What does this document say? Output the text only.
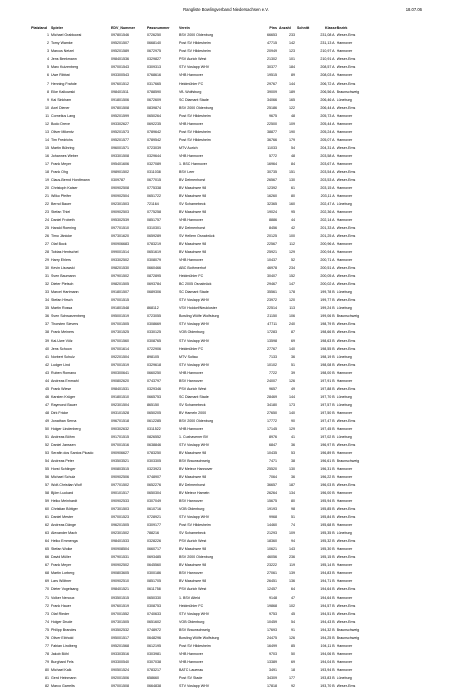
Rangliste Bowlingverband Niedersachsen e.V.	18.07.06
Platzland	Spieler	EDV_Nummer	Passnummer	Verein	Pins	Anzahl	Schnitt	Klasse	Bezirk
1	Michael Grabkowsi	097801546	0726250	BSV 2000 Oldenburg	66653	233	231,08 A		Weser-Ems
2	Tomy Wamke	095201507	0668140	Post SV Hildesheim	47715	142	231,13 A		Hannover
3	Marcus Netzel	095201589	0672975	Post SV Hildesheim	20949	123	210,97 A		Hannover
4	Jens Beekmann	098401536	0329827	PSV Aurich West	21302	101	210,91 A		Weser-Ems
5	Marc Kuizenberg	097001543	0309313	STV Voslapp WHV	30377	184	208,57 A		Weser-Ems
6	Uwe Ribbat	093300543	0768616	VHB Hannover	19515	89	208,03 A		Hannover
7	Henning Frahde	097601512	0317665	Heidmühler FC	29767	144	206,72 A		Weser-Ems
8	Eike Kalkowski	098401511	0788590	VfL Wolfsburg	39009	189	206,56 A		Braunschweig
9	Kai Sinkham	091801506	0672609	SC Diamant Stade	34066	165	206,46 A		Lüneburg
10	Axel Diener	097801508	0839874	BSV 2000 Oldenburg	25186	122	206,44 A		Weser-Ems
11	Cornelius Lang	095201599	0650264	Post SV Hildesheim	9675	48	205,73 A		Hannover
12	Bodo Dreve	093302627	0692235	VHB Hannover	22500	109	205,44 A		Hannover
13	Oliver Mikentz	095201573	0789642	Post SV Hildesheim	38877	190	205,24 A		Hannover
14	Tim Fredrichs	095201577	0789542	Post SV Hildesheim	36766	179	205,07 A		Hannover
15	Martin Bühring	096001571	0723039	MTV Aurich	11033	54	204,31 A		Weser-Ems
16	Johannes Weber	093301508	0329644	VHB Hannover	5772	48	203,58 A		Hannover
17	Frank Meyer	095401606	0327089	1. BSC Hannover	16964	84	203,67 A		Hannover
18	Frank Ohg	098901502	0311038	BSV Leer	30735	151	203,54 A		Weser-Ems
19	Claus-Bernd Hordtmann	0309787	0677015	BV Delmenhorst	26567	130	203,53 A		Weser-Ems
20	Christoph Kaiser	090902508	0775338	BV Maschsee 98	12392	61	203,15 A		Hannover
21	Wilko Pfeifer	090902504	0651722	BV Maschsee 98	16260	80	203,11 A		Hannover
22	Bernd Bauer	092301503	721164	SV Schamebeck	32365	160	202,47 A		Lüneburg
23	Stefan Thiel	090902503	0775258	BV Maschsee 98	19024	95	202,36 A		Hannover
24	Daniel Frobeth	095302539	0851757	VHB Hannover	8886	44	202,14 A		Hannover
25	Harald Roening	097701510	0310301	BV Delmenhorst	8456	42	201,33 A		Weser-Ems
26	Timo Jänicke	097301620	0659289	SV Hellern Osnabrück	20125	100	201,25 A		Weser-Ems
27	Olaf Bock	090906683	0783219	BV Maschsee 98	22567	112	200,96 A		Hannover
28	Tobias Hentschel	099001514	0651619	BV Maschsee 98	25921	129	200,94 A		Hannover
29	Harry Ehlers	093302502	0308079	VHB Hannover	10437	52	200,71 A		Hannover
30	Kevin Lisowski	098201530	0660466	ABC Bothmerhof	46978	234	200,51 A		Weser-Ems
31	Sven Baumann	097901502	0872895	Heidmühler FC	30407	152	200,05 A		Weser-Ems
32	Dieter Pietsch	098201505	0693784	BC 2005 Osnabrück	29467	147	200,02 A		Weser-Ems
33	Marcel Hartmann	091801507	0689306	SC Diamant Stade	35561	178	199,78 B		Lüneburg
34	Stefan Hirsch	097001515		STV Voslapp WHV	23972	120	199,77 B		Weser-Ems
35	Martin Rossa	091801548	868112	VSV Holdorf/Neukloster	22514	113	199,24 B		Lüneburg
36	Sven Schwarzenberg	095001519	0723055	Bowling Wölfe Wolfsburg	21150	106	199,06 B		Braunschweig
37	Thorsten Sievers	097001505	0308669	STV Voslapp WHV	47711	240	198,79 B		Weser-Ems
38	Frank Meiners	097301525	0330125	VOB Oldenburg	17283	87	198,66 B		Weser-Ems
39	Kai-Uwe Völz	097001560	0308765	STV Voslapp WHV	13598	69	198,63 B		Weser-Ems
40	Jens Schoon	097001614	0722906	Heidmühler FC	27767	140	198,55 B		Weser-Ems
41	Norbert Schulz	092201504	898105	MTV Soltau	7133	36	198,19 B		Lüneburg
42	Ludger Lind	097001519	0329618	STV Voslapp WHV	10102	51	198,08 B		Weser-Ems
43	Ruben Romano	090300641	0660250	VHB Hannover	7722	39	198,00 B		Hannover
44	Andreas Emmahl	090802620	0743797	BSV Hannover	24007	126	197,91 B		Hannover
45	Frank Wiese	098401531	0329346	PSV Aurich West	9657	49	197,88 B		Weser-Ems
46	Karsten Krüger	091801510	0665753	SC Diamant Stade	28469	144	197,70 B		Lüneburg
47	Raymond Bauer	092301504	865150	SV Schamebeck	34180	173	197,57 B		Lüneburg
48	Dirk Fricke	093101528	0650205	BV Hameln 2000	27650	140	197,50 B		Hannover
49	Jonathan Serna	096701518	0612285	BSV 2000 Oldenburg	17772	90	197,47 B		Weser-Ems
50	Holger Lindenberg	090302632	0311522	VHB Hannover	17145	129	197,45 B		Hannover
51	Andreas Böhm	091701515	0826552	1. Cuxhavener BV	8976	41	197,02 B		Lüneburg
52	Daniel Janssen	097001516	0638846	STV Voslapp WHV	6847	36	196,97 B		Weser-Ems
53	Serafin dos Santos Picado	090906627	0783250	BV Maschsee 98	10435	53	196,89 B		Hannover
54	Andreas Peter	093503521	0303305	BSV Braunschweig	7471	38	196,61 B		Braunschweig
55	Horst Schlinger	090803515	0323923	BV Meteor Hannover	25520	130	196,31 B		Hannover
56	Michael Schulz	090902506	0748907	BV Maschsee 98	7064	36	196,22 B		Hannover
57	Wolf-Christian Wolf	097701502	0652276	BV Delmenhorst	36657	187	196,03 B		Weser-Ems
58	Björn Luckard	090101517	0650304	BV Meteor Hameln	26264	134	196,00 B		Hannover
59	Heiko Meinhardt	090902533	0307049	BSV Hannover	15675	80	195,94 B		Hannover
60	Christian Böttger	097301503	0610716	VOB Oldenburg	19193	98	195,85 B		Weser-Ems
61	Daniel Mester	097001523	0728921	STV Voslapp WHV	9968	51	195,84 B		Weser-Ems
62	Andreas Dänge	096201505	0309177	Post SV Hildesheim	14460	74	195,68 B		Hannover
63	Alexander Mach	092301502	788216	SV Schamebeck	21293	109	195,35 B		Lüneburg
64	Heiko Emmenga	098401533	0328226	PSV Aurich West	18360	94	195,32 B		Weser-Ems
65	Stefan Woike	090908504	0660717	BV Maschsee 98	10621	143	195,30 B		Hannover
66	David Müller	097901531	0693485	BSV 2000 Oldenburg	46056	236	195,15 B		Weser-Ems
67	Frank Meyer	090902502	0645560	BV Maschsee 98	23222	119	195,14 B		Hannover
68	Martin Lorberg	090803605	0300186	BSV Hannover	27061	139	194,83 B		Hannover
69	Lars Wöltner	090902510	0851705	BV Maschsee 98	26451	136	194,71 B		Hannover
70	Dieter Vogelsang	098401521	0611758	PSV Aurich West	12457	64	194,64 B		Weser-Ems
71	Volker Nenoux	093501515	0650330	1. BSV Alfeld	9148	47	194,64 B		Hannover
72	Frank Hauer	097601519	0308753	Heidmühler FC	19868	102	194,57 B		Weser-Ems
73	Olaf Rieder	097001552	0740633	STV Voslapp WHV	9753	45	194,51 B		Weser-Ems
74	Holger Drude	097301505	0651602	VOB Oldenburg	10459	54	194,43 B		Weser-Ems
75	Philipp Brandes	093502532	0748972	BSV Braunschweig	17693	91	194,32 B		Braunschweig
76	Oliver Eibhold	095001517	0648296	Bowling Wölfe Wolfsburg	24475	126	194,25 B		Braunschweig
77	Fabian Lindberg	095201568	0612195	Post SV Hildesheim	16499	85	194,11 B		Hannover
78	Jakob Böhl	093303516	0303981	VHB Hannover	9703	50	194,06 B		Hannover
79	Burghard Fels	093300540	0307038	VHB Hannover	13389	69	194,04 B		Hannover
80	Michael Kalk	090501524	0783217	BATC Lauenau	3491	18	193,94 B		Hannover
81	Gerd Heinmann	092001506	658660	Post SV Stade	34309	177	193,83 B		Lüneburg
82	Marco Garrelts	097001508	0664838	STV Voslapp WHV	17818	92	193,70 B		Weser-Ems
